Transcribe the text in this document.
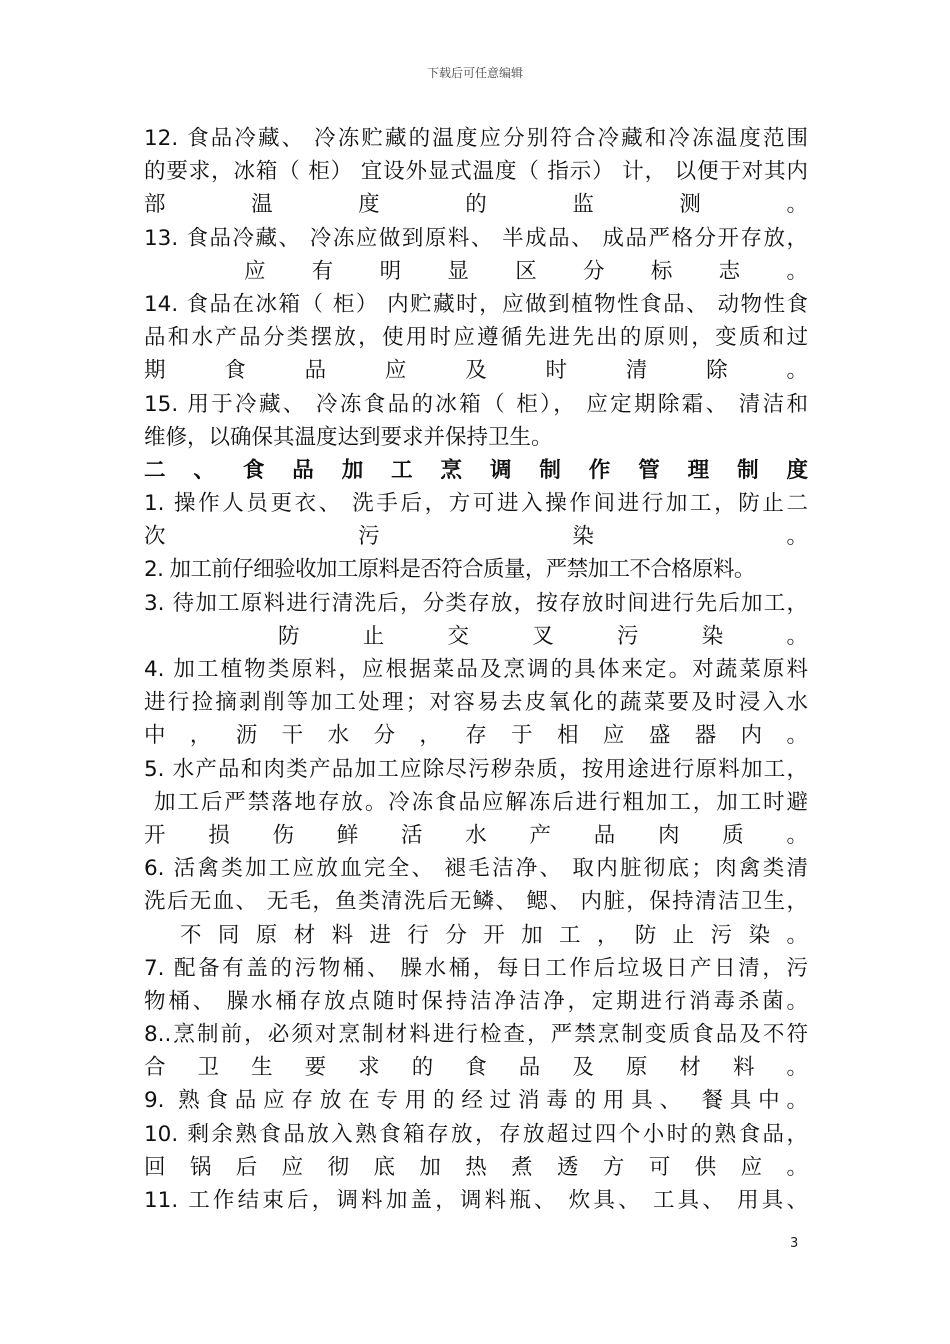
下载后可任意编辑
12. 食品冷藏、 冷冻贮藏的温度应分别符合冷藏和冷冻温度范围
的要求，冰箱（ 柜） 宜设外显式温度（ 指示） 计， 以便于对其内
部 温 度 的 监 测 。
13. 食品冷藏、 冷冻应做到原料、 半成品、 成品严格分开存放，
应 有 明 显 区 分 标 志 。
14. 食品在冰箱（ 柜） 内贮藏时，应做到植物性食品、 动物性食
品和水产品分类摆放，使用时应遵循先进先出的原则，变质和过
期 食 品 应 及 时 清 除 。
15. 用于冷藏、 冷冻食品的冰箱（ 柜）， 应定期除霜、 清洁和
维修，以确保其温度达到要求并保持卫生。
二 、 食 品 加 工 烹 调 制 作 管 理 制 度
1. 操作人员更衣、 洗手后，方可进入操作间进行加工，防止二
次 污 染 。
2. 加工前仔细验收加工原料是否符合质量，严禁加工不合格原料。
3. 待加工原料进行清洗后，分类存放，按存放时间进行先后加工，
防 止 交 叉 污 染 。
4. 加工植物类原料，应根据菜品及烹调的具体来定。对蔬菜原料
进行捡摘剥削等加工处理；对容易去皮氧化的蔬菜要及时浸入水
中 ， 沥 干 水 分 ， 存 于 相 应 盛 器 内 。
5. 水产品和肉类产品加工应除尽污秽杂质，按用途进行原料加工，
加工后严禁落地存放。冷冻食品应解冻后进行粗加工，加工时避
开 损 伤 鲜 活 水 产 品 肉 质 。
6. 活禽类加工应放血完全、 褪毛洁净、 取内脏彻底；肉禽类清
洗后无血、 无毛，鱼类清洗后无鳞、 鳃、 内脏，保持清洁卫生，
不 同 原 材 料 进 行 分 开 加 工 ， 防 止 污 染 。
7. 配备有盖的污物桶、 臊水桶，每日工作后垃圾日产日清，污
物桶、 臊水桶存放点随时保持洁净洁净，定期进行消毒杀菌。
8..烹制前，必须对烹制材料进行检查，严禁烹制变质食品及不符
合 卫 生 要 求 的 食 品 及 原 材 料 。
9. 熟食品应存放在专用的经过消毒的用具、 餐具中。
10. 剩余熟食品放入熟食箱存放，存放超过四个小时的熟食品，
回 锅 后 应 彻 底 加 热 煮 透 方 可 供 应 。
11. 工作结束后，调料加盖，调料瓶、 炊具、 工具、 用具、
3
